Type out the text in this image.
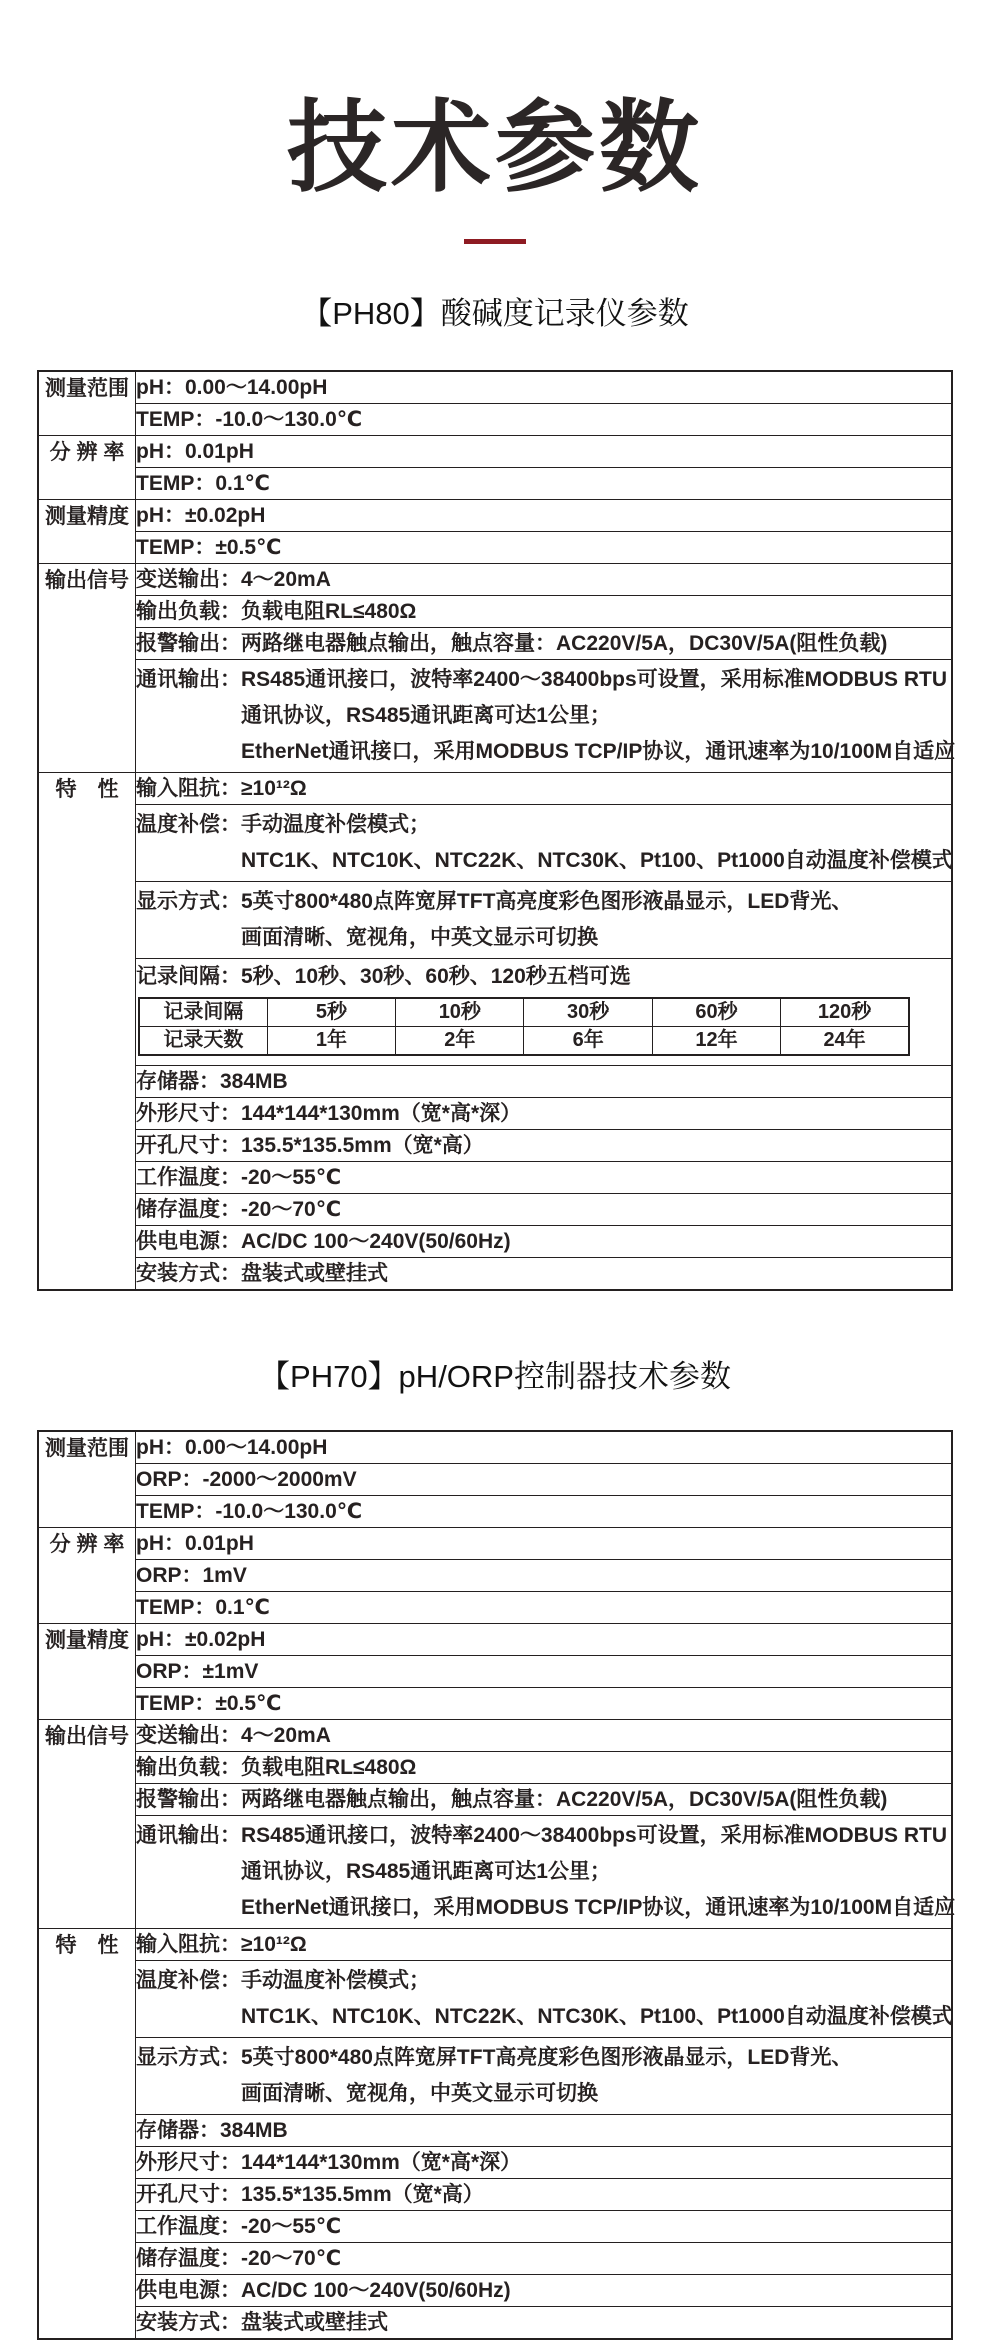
技术参数
【PH80】酸碱度记录仪参数
测量范围	pH：0.00～14.00pH
TEMP：-10.0～130.0℃
分 辨 率	pH：0.01pH
TEMP：0.1℃
测量精度	pH：±0.02pH
TEMP：±0.5℃
输出信号	变送输出：4～20mA
输出负载：负载电阻RL≤480Ω
报警输出：两路继电器触点输出，触点容量：AC220V/5A，DC30V/5A(阻性负载)

通讯输出： RS485通讯接口，波特率2400～38400bps可设置，采用标准MODBUS RTU
通讯协议，RS485通讯距离可达1公里；
EtherNet通讯接口，采用MODBUS TCP/IP协议，通讯速率为10/100M自适应

特　性	输入阻抗：≥10¹²Ω

温度补偿： 手动温度补偿模式；
NTC1K、NTC10K、NTC22K、NTC30K、Pt100、Pt1000自动温度补偿模式

显示方式： 5英寸800*480点阵宽屏TFT高亮度彩色图形液晶显示，LED背光、
画面清晰、宽视角，中英文显示可切换

记录间隔：5秒、10秒、30秒、60秒、120秒五档可选
记录间隔	5秒	10秒	30秒	60秒	120秒
记录天数	1年	2年	6年	12年	24年

存储器：384MB
外形尺寸：144*144*130mm（宽*高*深）
开孔尺寸：135.5*135.5mm（宽*高）
工作温度：-20～55℃
储存温度：-20～70℃
供电电源：AC/DC 100～240V(50/60Hz)
安装方式：盘装式或壁挂式
【PH70】pH/ORP控制器技术参数
测量范围	pH：0.00～14.00pH
	ORP：-2000～2000mV
	TEMP：-10.0～130.0℃
分 辨 率	pH：0.01pH
	ORP：1mV
	TEMP：0.1℃
测量精度	pH：±0.02pH
	ORP：±1mV
	TEMP：±0.5℃
输出信号	变送输出：4～20mA
	输出负载：负载电阻RL≤480Ω
	报警输出：两路继电器触点输出，触点容量：AC220V/5A，DC30V/5A(阻性负载)

	通讯输出： RS485通讯接口，波特率2400～38400bps可设置，采用标准MODBUS RTU
通讯协议，RS485通讯距离可达1公里；
EtherNet通讯接口，采用MODBUS TCP/IP协议，通讯速率为10/100M自适应

特　性	输入阻抗：≥10¹²Ω

	温度补偿： 手动温度补偿模式；
NTC1K、NTC10K、NTC22K、NTC30K、Pt100、Pt1000自动温度补偿模式

	显示方式： 5英寸800*480点阵宽屏TFT高亮度彩色图形液晶显示，LED背光、
画面清晰、宽视角，中英文显示可切换

	存储器：384MB
	外形尺寸：144*144*130mm（宽*高*深）
	开孔尺寸：135.5*135.5mm（宽*高）
	工作温度：-20～55℃
	储存温度：-20～70℃
	供电电源：AC/DC 100～240V(50/60Hz)
	安装方式：盘装式或壁挂式
